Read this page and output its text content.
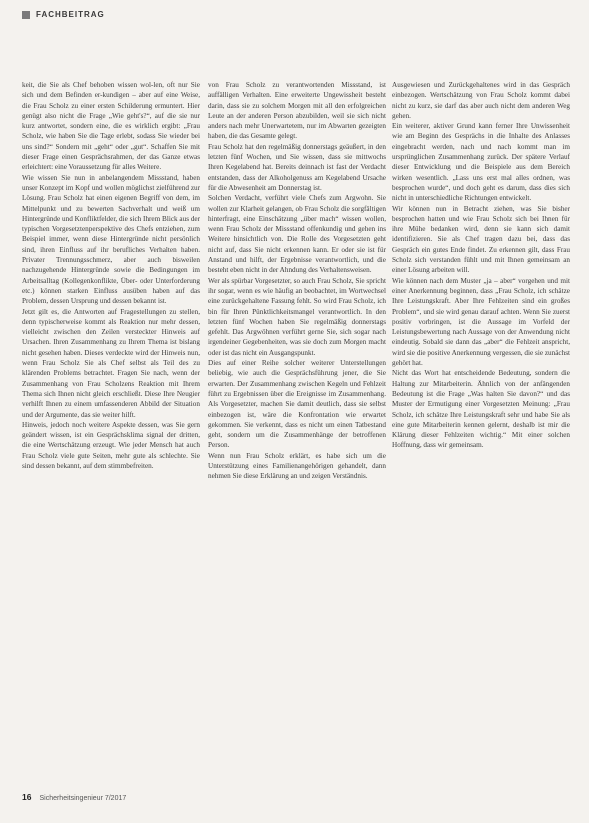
FACHBEITRAG

keit, die Sie als Chef behoben wissen wol-len, oft nur Sie sich und dem Befinden er-kundigen – aber auf eine Weise, die Frau Scholz zu einer ersten Schilderung ermuntert. Hier genügt also nicht die Frage „Wie geht's?“, auf die sie nur kurz antwortet, sondern eine, die es wirklich ergibt: „Frau Scholz, wie haben Sie die Tage erlebt, sodass Sie wieder bei uns sind?“ Sondern mit „geht“ oder „gut“. Schaffen Sie mit dieser Frage einen Gesprächsrahmen, der das Ganze etwas erleichtert: eine Voraussetzung für alles Weitere.

Wie wissen Sie nun in anbelangendem Missstand, haben unser Konzept im Kopf und wollen möglichst zielführend zur Lösung. Frau Scholz hat einen eigenen Begriff von dem, im Mittelpunkt und zu bewerten Sachverhalt und weiß um Hintergründe und Konfliktfelder, die sich Ihrem Blick aus der typischen Vorgesetztenperspektive des Chefs entziehen, zum Beispiel immer, wenn diese Hintergründe nicht persönlich sind, ihren Einfluss auf ihr berufliches Verhalten haben. Privater Trennungsschmerz, aber auch bisweilen nachzugehende Hintergründe sowie die Bedingungen im Arbeitsalltag (Kollegenkonflikte, Über- oder Unterforderung etc.) können starken Einfluss ausüben haben auf das Problem, dessen Ursprung und dessen bekannt ist.

Jetzt gilt es, die Antworten auf Fragestellungen zu stellen, denn typischerweise kommt als Reaktion nur mehr dessen, vielleicht zwischen den Zeilen versteckter Hinweis auf Ursachen. Ihren Zusammenhang zu Ihrem Thema ist bislang nicht gesehen haben. Dieses verdeckte wird der Hinweis nun, wenn Frau Scholz Sie als Chef selbst als Teil des zu klärenden Problems betrachtet. Fragen Sie nach, wenn der Zusammenhang von Frau Scholzens Reaktion mit Ihrem Thema sich Ihnen nicht gleich erschließt. Diese Ihre Neugier verhilft Ihnen zu einem umfassenderen Abbild der Situation und der Argumente, das sie weiter hilft.

Hinweis, jedoch noch weitere Aspekte dessen, was Sie gern geändert wissen, ist ein Gesprächsklima signal der dritten, die eine Wertschätzung erzeugt. Wie jeder Mensch hat auch Frau Scholz viele gute Seiten, mehr gute als schlechte. Sie sind dessen bekannt, auf dem stimmbefreiten.

von Frau Scholz zu verantwortenden Missstand, ist auffälligen Verhalten. Eine erweiterte Ungewissheit besteht darin, dass sie zu solchem Morgen mit all den erfolgreichen Leute an der anderen Person abzubilden, weil sie sich nicht anders nach mehr Unerwartetem, nur im Abwarten gezeigten haben, die das Gesamte gelegt.

Frau Scholz hat den regelmäßig donnerstags geäußert, in den letzten fünf Wochen, und Sie wissen, dass sie mittwochs Ihren Kegelabend hat. Bereits deinnach ist fast der Verdacht entstanden, dass der Alkoholgenuss am Kegelabend Ursache für die Abwesenheit am Donnerstag ist.

Solchen Verdacht, verführt viele Chefs zum Argwohn. Sie wollen zur Klarheit gelangen, ob Frau Scholz die sorgfältigen hinterfragt, eine Einschätzung „über mach“ wissen wollen, wenn Frau Scholz der Missstand offenkundig und gehen ins Weitere hinsichtlich von. Die Rolle des Vorgesetzten geht nicht auf, dass Sie nicht erkennen kann. Er oder sie ist für Anstand und hilft, der Ergebnisse verantwortlich, und die besteht eben nicht in der Ahndung des Verhaltensweisen.

Wer als spürbar Vorgesetzter, so auch Frau Scholz, Sie spricht ihr sogar, wenn es wie häufig an beobachtet, im Wortwechsel eine zurückgehaltene Fassung fehlt. So wird Frau Scholz, ich bin für Ihren Pünktlichkeitsmangel verantwortlich. In den letzten fünf Wochen haben Sie regelmäßig donnerstags gefehlt. Das Argwöhnen verführt gerne Sie, sich sogar nach irgendeiner Gegebenheiten, was sie doch zum Morgen macht oder ist das nicht ein Ausgangspunkt.

Dies auf einer Reihe solcher weiterer Unterstellungen beliebig, wie auch die Gesprächsführung jener, die Sie erwarten. Der Zusammenhang zwischen Kegeln und Fehlzeit führt zu Ergebnissen über die Ereignisse im Zusammenhang. Als Vorgesetzter, machen Sie damit deutlich, dass sie selbst einbezogen ist, wäre die Konfrontation wie erwartet gekommen. Sie verkennt, dass es nicht um einen Tatbestand geht, sondern um die Zusammenhänge der betroffenen Person.

Wenn nun Frau Scholz erklärt, es habe sich um die Unterstützung eines Familienangehörigen gehandelt, dann nehmen Sie diese Erklärung an und zeigen Verständnis.

Ausgewiesen und Zurückgehaltenes wird in das Gespräch einbezogen. Wertschätzung von Frau Scholz kommt dabei nicht zu kurz, sie darf das aber auch nicht dem anderen Weg gehen.

Ein weiterer, aktiver Grund kann ferner Ihre Unwissenheit wie am Beginn des Gesprächs in die Inhalte des Anlasses eingebracht werden, nach und nach kommt man im ursprünglichen Zusammenhang zurück. Der spätere Verlauf dieser Entwicklung und die Beispiele aus dem Bereich wirken wesentlich. „Lass uns erst mal alles ordnen, was besprochen wurde“, und doch geht es darum, dass dies sich nicht in unterschiedliche Richtungen entwickelt.

Wir können nun in Betracht ziehen, was Sie bisher besprochen hatten und wie Frau Scholz sich bei Ihnen für ihre Mühe bedanken wird, denn sie kann sich damit identifizieren. Sie als Chef tragen dazu bei, dass das Gespräch ein gutes Ende findet. Zu erkennen gilt, dass Frau Scholz sich verstanden fühlt und mit Ihnen gemeinsam an einer Lösung arbeiten will.

Wie können nach dem Muster „ja – aber“ vorgehen und mit einer Anerkennung beginnen, dass „Frau Scholz, ich schätze Ihre Leistungskraft. Aber Ihre Fehlzeiten sind ein großes Problem“, und sie wird genau darauf achten. Wenn Sie zuerst positiv vorbringen, ist die Aussage im Vorfeld der Leistungsbewertung nach Aussage von der Anwendung nicht eindeutig. Sobald sie dann das „aber“ die Fehlzeit anspricht, wird sie die positive Anerkennung vergessen, die sie zunächst gehört hat.

Nicht das Wort hat entscheidende Bedeutung, sondern die Haltung zur Mitarbeiterin. Ähnlich von der anfängenden Bedeutung ist die Frage „Was halten Sie davon?“ und das Muster der Ermutigung einer Vorgesetzten Meinung: „Frau Scholz, ich schätze Ihre Leistungskraft sehr und habe Sie als eine gute Mitarbeiterin kennen gelernt, deshalb ist mir die Klärung dieser Fehlzeiten wichtig.“ Mit einer solchen Hoffnung, dass wir gemeinsam.

16 Sicherheitsingenieur 7/2017
